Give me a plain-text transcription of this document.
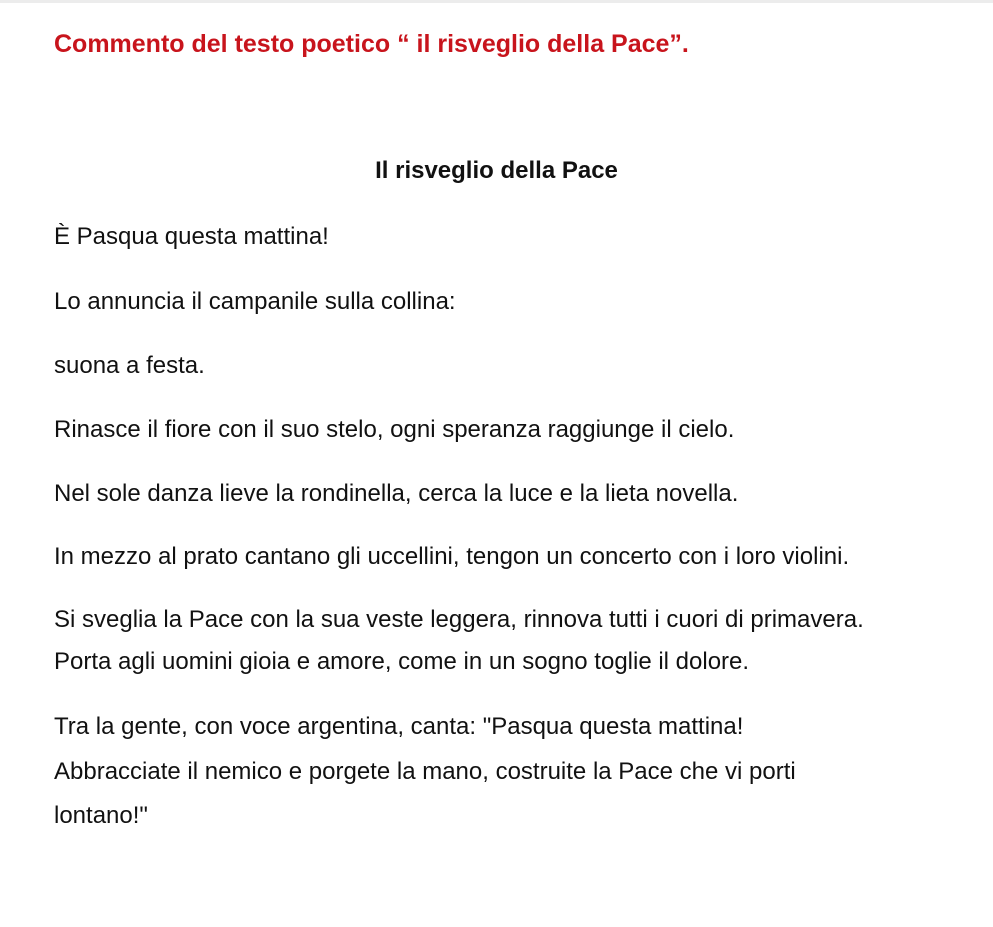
Commento del testo poetico “ il risveglio della Pace”.
Il risveglio della Pace
È Pasqua questa mattina!
Lo annuncia il campanile sulla collina:
suona a festa.
Rinasce il fiore con il suo stelo, ogni speranza raggiunge il cielo.
Nel sole danza lieve la rondinella, cerca la luce e la lieta novella.
In mezzo al prato cantano gli uccellini, tengon un concerto con i loro violini.
Si sveglia la Pace con la sua veste leggera, rinnova tutti i cuori di primavera.
Porta agli uomini gioia e amore, come in un sogno toglie il dolore.
Tra la gente, con voce argentina, canta: "Pasqua questa mattina!
Abbracciate il nemico e porgete la mano, costruite la Pace che vi porti
lontano!"
